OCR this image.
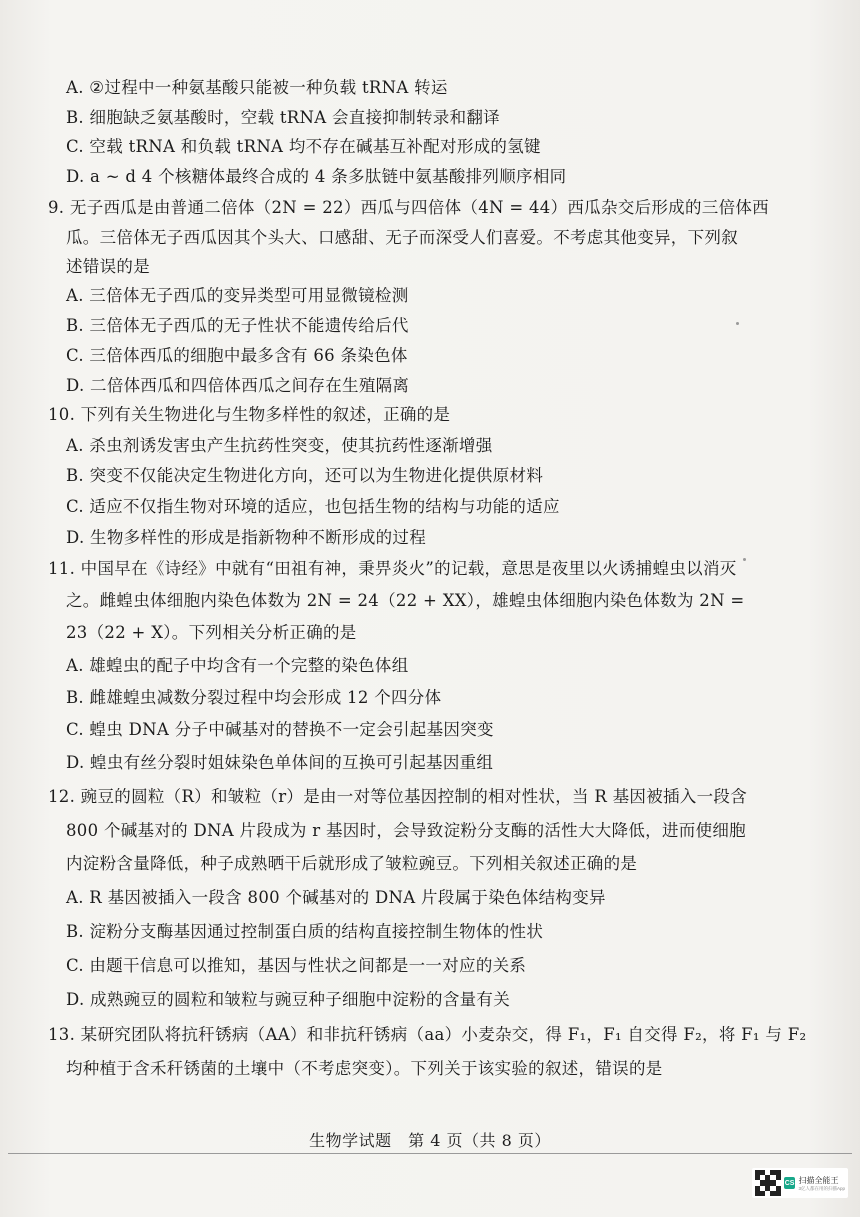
A. ②过程中一种氨基酸只能被一种负载 tRNA 转运
B. 细胞缺乏氨基酸时，空载 tRNA 会直接抑制转录和翻译
C. 空载 tRNA 和负载 tRNA 均不存在碱基互补配对形成的氢键
D. a ~ d 4 个核糖体最终合成的 4 条多肽链中氨基酸排列顺序相同
9. 无子西瓜是由普通二倍体（2N = 22）西瓜与四倍体（4N = 44）西瓜杂交后形成的三倍体西
瓜。三倍体无子西瓜因其个头大、口感甜、无子而深受人们喜爱。不考虑其他变异，下列叙
述错误的是
A. 三倍体无子西瓜的变异类型可用显微镜检测
B. 三倍体无子西瓜的无子性状不能遗传给后代
C. 三倍体西瓜的细胞中最多含有 66 条染色体
D. 二倍体西瓜和四倍体西瓜之间存在生殖隔离
10. 下列有关生物进化与生物多样性的叙述，正确的是
A. 杀虫剂诱发害虫产生抗药性突变，使其抗药性逐渐增强
B. 突变不仅能决定生物进化方向，还可以为生物进化提供原材料
C. 适应不仅指生物对环境的适应，也包括生物的结构与功能的适应
D. 生物多样性的形成是指新物种不断形成的过程
11. 中国早在《诗经》中就有“田祖有神，秉畀炎火”的记载，意思是夜里以火诱捕蝗虫以消灭
之。雌蝗虫体细胞内染色体数为 2N = 24（22 + XX），雄蝗虫体细胞内染色体数为 2N =
23（22 + X）。下列相关分析正确的是
A. 雄蝗虫的配子中均含有一个完整的染色体组
B. 雌雄蝗虫减数分裂过程中均会形成 12 个四分体
C. 蝗虫 DNA 分子中碱基对的替换不一定会引起基因突变
D. 蝗虫有丝分裂时姐妹染色单体间的互换可引起基因重组
12. 豌豆的圆粒（R）和皱粒（r）是由一对等位基因控制的相对性状，当 R 基因被插入一段含
800 个碱基对的 DNA 片段成为 r 基因时，会导致淀粉分支酶的活性大大降低，进而使细胞
内淀粉含量降低，种子成熟晒干后就形成了皱粒豌豆。下列相关叙述正确的是
A. R 基因被插入一段含 800 个碱基对的 DNA 片段属于染色体结构变异
B. 淀粉分支酶基因通过控制蛋白质的结构直接控制生物体的性状
C. 由题干信息可以推知，基因与性状之间都是一一对应的关系
D. 成熟豌豆的圆粒和皱粒与豌豆种子细胞中淀粉的含量有关
13. 某研究团队将抗秆锈病（AA）和非抗秆锈病（aa）小麦杂交，得 F₁，F₁ 自交得 F₂，将 F₁ 与 F₂
均种植于含禾秆锈菌的土壤中（不考虑突变）。下列关于该实验的叙述，错误的是
生物学试题　第 4 页（共 8 页）
CS 扫描全能王
3亿人都在用的扫描App
